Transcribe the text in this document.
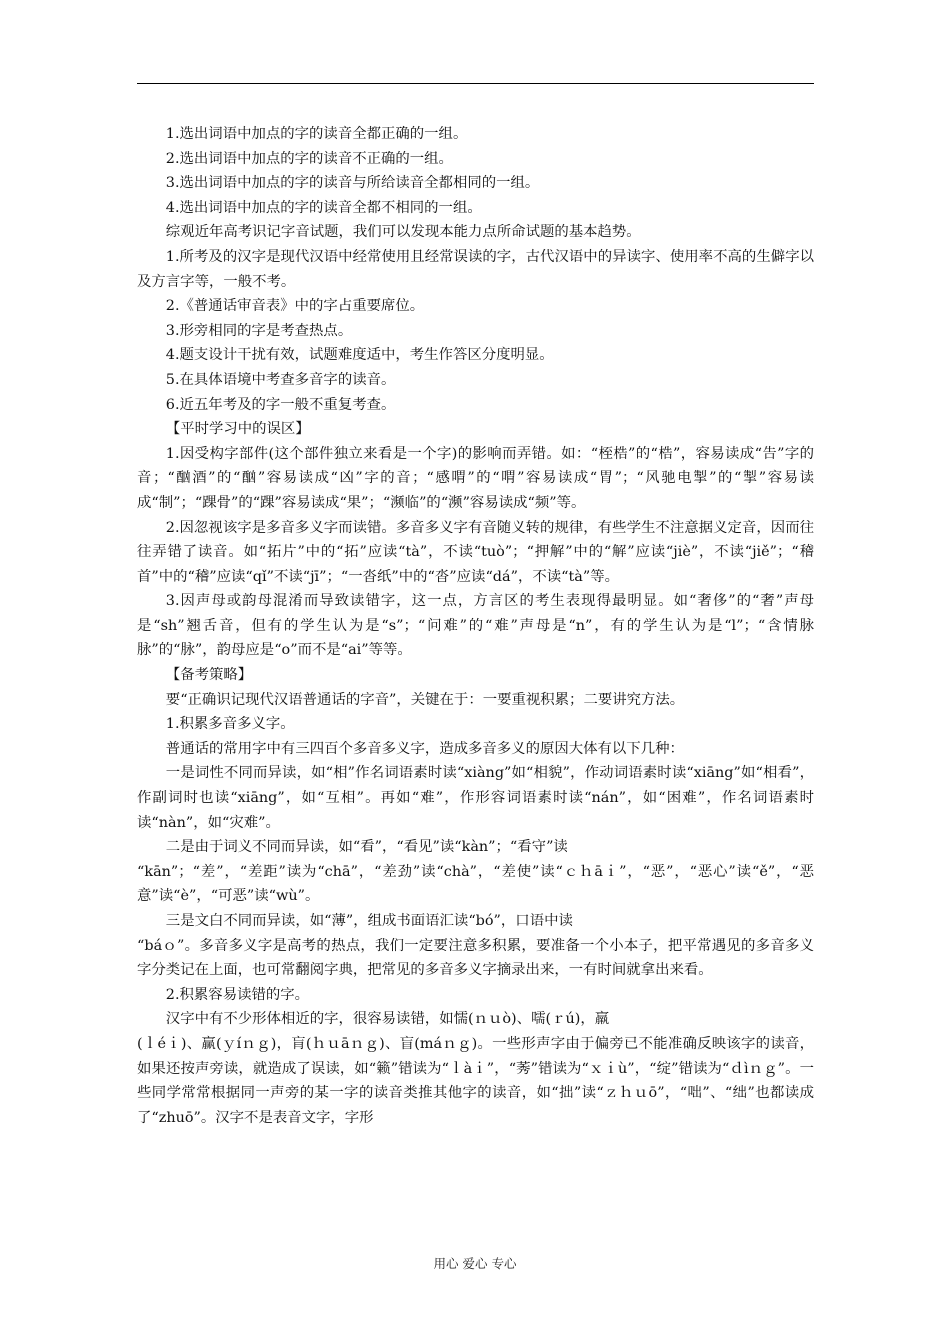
1.选出词语中加点的字的读音全都正确的一组。

2.选出词语中加点的字的读音不正确的一组。

3.选出词语中加点的字的读音与所给读音全都相同的一组。

4.选出词语中加点的字的读音全都不相同的一组。

综观近年高考识记字音试题，我们可以发现本能力点所命试题的基本趋势。

1.所考及的汉字是现代汉语中经常使用且经常误读的字，古代汉语中的异读字、使用率不高的生僻字以及方言字等，一般不考。

2.《普通话审音表》中的字占重要席位。

3.形旁相同的字是考查热点。

4.题支设计干扰有效，试题难度适中，考生作答区分度明显。

5.在具体语境中考查多音字的读音。

6.近五年考及的字一般不重复考查。

【平时学习中的误区】

1.因受构字部件(这个部件独立来看是一个字)的影响而弄错。如：“桎梏”的“梏”，容易读成“告”字的音；“酗酒”的“酗”容易读成“凶”字的音；“感喟”的“喟”容易读成“胃”；“风驰电掣”的“掣”容易读成“制”；“踝骨”的“踝”容易读成“果”；“濒临”的“濒”容易读成“频”等。

2.因忽视该字是多音多义字而读错。多音多义字有音随义转的规律，有些学生不注意据义定音，因而往往弄错了读音。如“拓片”中的“拓”应读“tà”，不读“tuò”；“押解”中的“解”应读“jiè”，不读“jiě”；“稽首”中的“稽”应读“qǐ”不读“jī”；“一沓纸”中的“沓”应读“dá”，不读“tà”等。

3.因声母或韵母混淆而导致读错字，这一点，方言区的考生表现得最明显。如“奢侈”的“奢”声母是“sh”翘舌音，但有的学生认为是“s”；“问难”的“难”声母是“n”，有的学生认为是“l”；“含情脉脉”的“脉”，韵母应是“o”而不是“ai”等等。

【备考策略】

要“正确识记现代汉语普通话的字音”，关键在于：一要重视积累；二要讲究方法。

1.积累多音多义字。

普通话的常用字中有三四百个多音多义字，造成多音多义的原因大体有以下几种：

一是词性不同而异读，如“相”作名词语素时读“xiàng”如“相貌”，作动词语素时读“xiāng”如“相看”，作副词时也读“xiāng”，如“互相”。再如“难”，作形容词语素时读“nán”，如“困难”，作名词语素时读“nàn”，如“灾难”。

二是由于词义不同而异读，如“看”，“看见”读“kàn”；“看守”读

“kān”；“差”，“差距”读为“chā”，“差劲”读“chà”，“差使”读“ｃｈāｉ”，“恶”，“恶心”读“ě”，“恶意”读“è”，“可恶”读“wù”。

三是文白不同而异读，如“薄”，组成书面语汇读“bó”，口语中读

“báｏ”。多音多义字是高考的热点，我们一定要注意多积累，要准备一个小本子，把平常遇见的多音多义字分类记在上面，也可常翻阅字典，把常见的多音多义字摘录出来，一有时间就拿出来看。

2.积累容易读错的字。

汉字中有不少形体相近的字，很容易读错，如懦(ｎｕò)、嚅(ｒú)，羸

(ｌéｉ)、赢(ｙíｎｇ)，肓(ｈｕāｎｇ)、盲(máｎｇ)。一些形声字由于偏旁已不能准确反映该字的读音，如果还按声旁读，就造成了误读，如“籁”错读为“ｌàｉ”，“莠”错读为“ｘｉù”，“绽”错读为“ｄìｎｇ”。一些同学常常根据同一声旁的某一字的读音类推其他字的读音，如“拙”读“ｚｈｕō”，“咄”、“绌”也都读成了“zhuō”。汉字不是表音文字，字形

用心 爱心 专心
